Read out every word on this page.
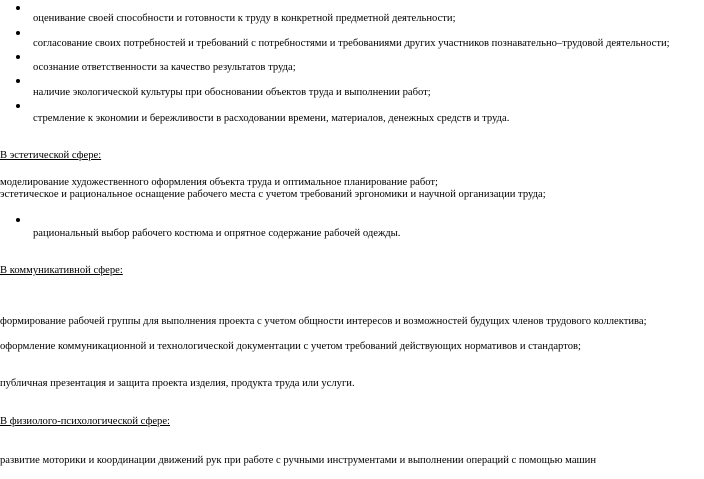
оценивание своей способности и готовности к труду в конкретной предметной деятельности;
согласование своих потребностей и требований с потребностями и требованиями других участников познавательно–трудовой деятельности;
осознание ответственности за качество результатов труда;
наличие экологической культуры при обосновании объектов труда и выполнении работ;
стремление к экономии и бережливости в расходовании времени, материалов, денежных средств и труда.
В эстетической сфере:
моделирование художественного оформления объекта труда и оптимальное планирование работ;
эстетическое и рациональное оснащение рабочего места с учетом требований эргономики и научной организации труда;
рациональный выбор рабочего костюма и опрятное содержание рабочей одежды.
В коммуникативной сфере:
формирование рабочей группы для выполнения проекта с учетом общности интересов и возможностей будущих членов трудового коллектива;
оформление коммуникационной и технологической документации с учетом требований действующих нормативов и стандартов;
публичная презентация и защита проекта изделия, продукта труда или услуги.
В физиолого-психологической сфере:
развитие моторики и координации движений рук при работе с ручными инструментами и выполнении операций с помощью машин
